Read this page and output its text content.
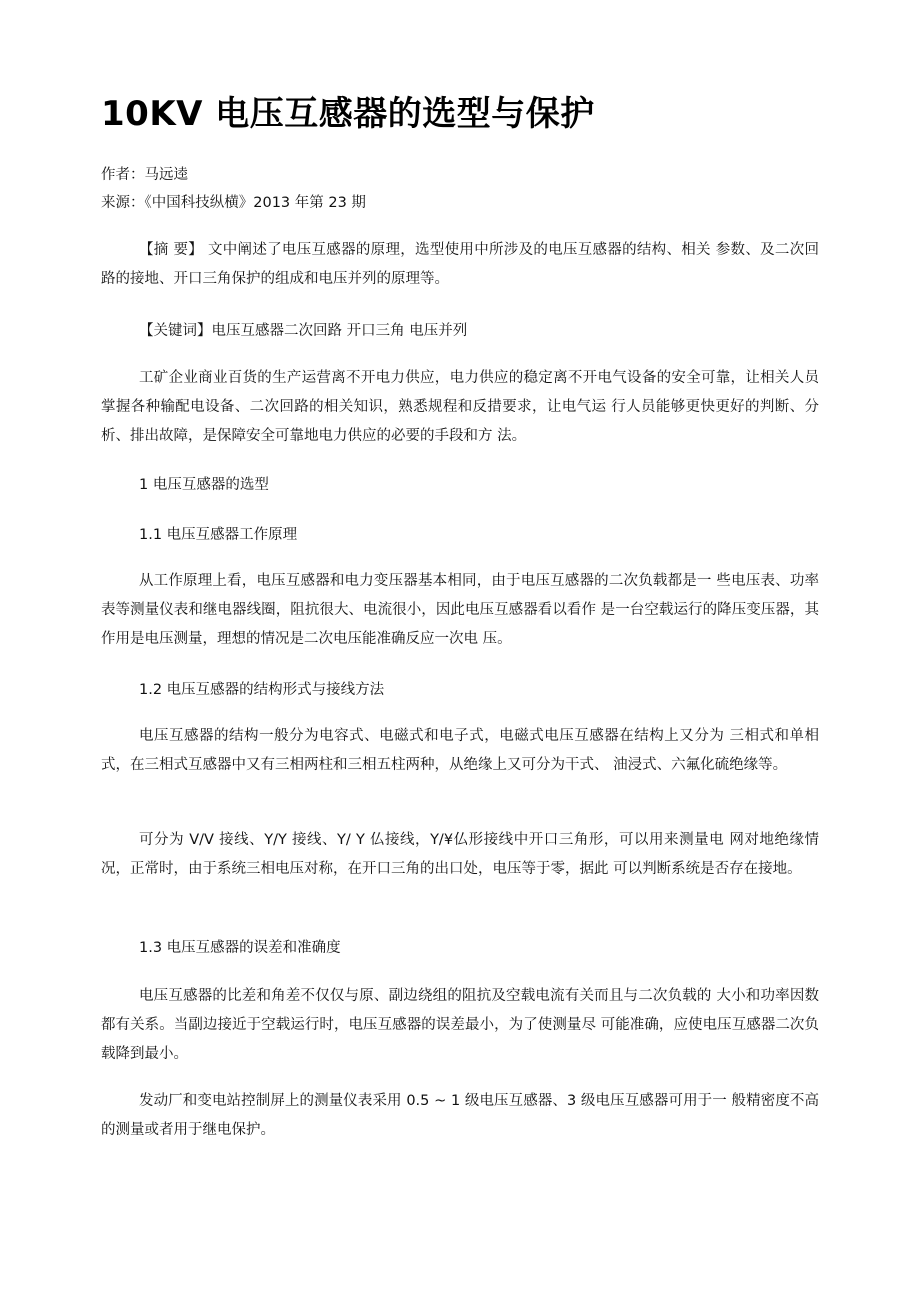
10KV 电压互感器的选型与保护
作者：马远逵
来源：《中国科技纵横》2013 年第 23 期

【摘 要】 文中阐述了电压互感器的原理，选型使用中所涉及的电压互感器的结构、相关 参数、及二次回路的接地、开口三角保护的组成和电压并列的原理等。

【关键词】电压互感器二次回路 开口三角 电压并列

工矿企业商业百货的生产运营离不开电力供应，电力供应的稳定离不开电气设备的安全可靠，让相关人员掌握各种输配电设备、二次回路的相关知识，熟悉规程和反措要求，让电气运 行人员能够更快更好的判断、分析、排出故障，是保障安全可靠地电力供应的必要的手段和方 法。

1 电压互感器的选型

1.1 电压互感器工作原理

从工作原理上看，电压互感器和电力变压器基本相同，由于电压互感器的二次负载都是一 些电压表、功率表等测量仪表和继电器线圈，阻抗很大、电流很小，因此电压互感器看以看作 是一台空载运行的降压变压器，其作用是电压测量，理想的情况是二次电压能准确反应一次电 压。

1.2 电压互感器的结构形式与接线方法

电压互感器的结构一般分为电容式、电磁式和电子式，电磁式电压互感器在结构上又分为 三相式和单相式，在三相式互感器中又有三相两柱和三相五柱两种，从绝缘上又可分为干式、 油浸式、六氟化硫绝缘等。

可分为 V/V 接线、Y/Y 接线、Y/ Y 仏接线，Y/¥仏形接线中开口三角形，可以用来测量电 网对地绝缘情况，正常时，由于系统三相电压对称，在开口三角的出口处，电压等于零，据此 可以判断系统是否存在接地。

1.3 电压互感器的误差和准确度

电压互感器的比差和角差不仅仅与原、副边绕组的阻抗及空载电流有关而且与二次负载的 大小和功率因数都有关系。当副边接近于空载运行时，电压互感器的误差最小，为了使测量尽 可能准确，应使电压互感器二次负载降到最小。

发动厂和变电站控制屏上的测量仪表采用 0.5 ~ 1 级电压互感器、3 级电压互感器可用于一 般精密度不高的测量或者用于继电保护。
